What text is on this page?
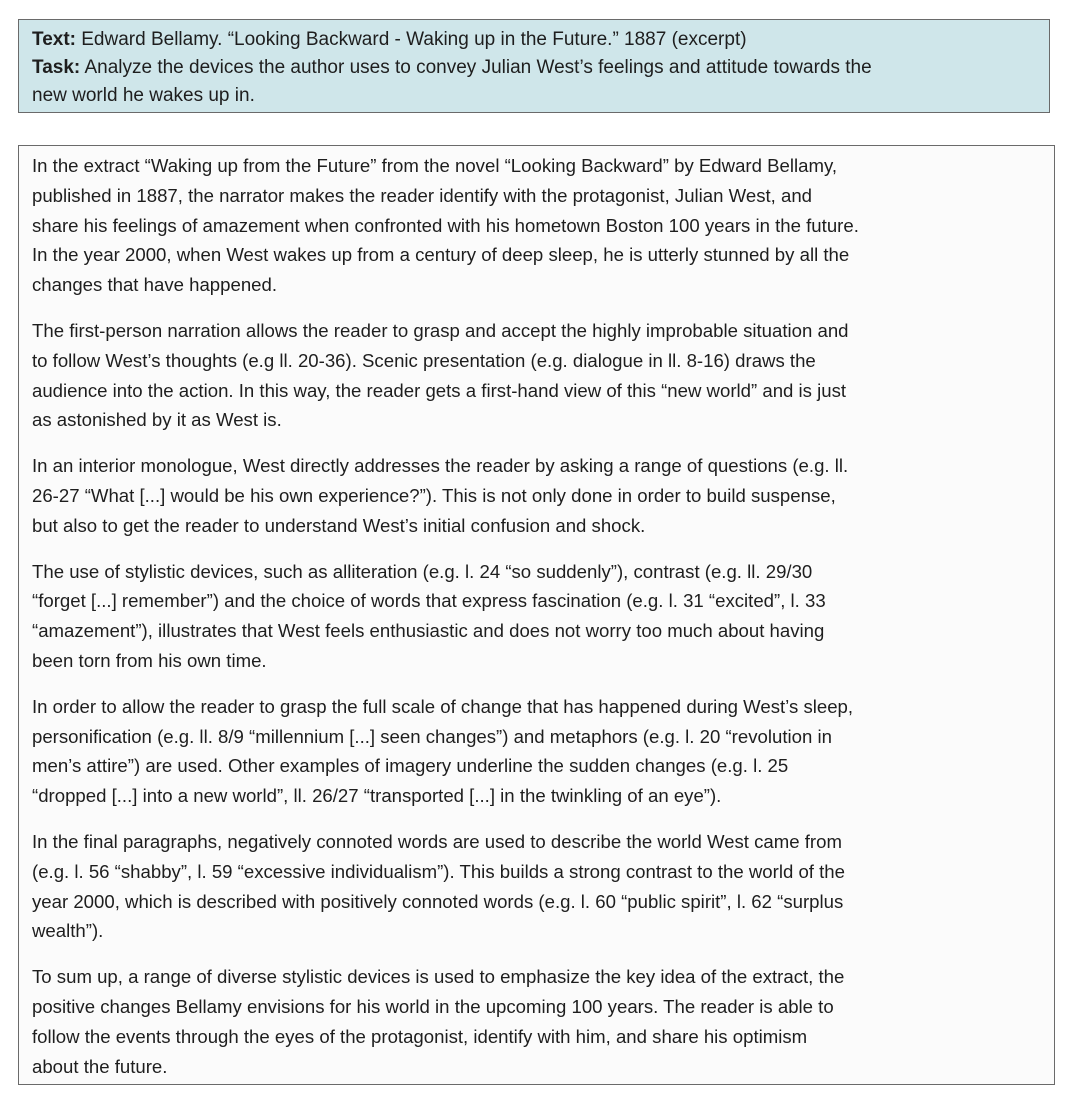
Text: Edward Bellamy. “Looking Backward - Waking up in the Future.” 1887 (excerpt)
Task: Analyze the devices the author uses to convey Julian West’s feelings and attitude towards the
new world he wakes up in.
In the extract “Waking up from the Future” from the novel “Looking Backward” by Edward Bellamy,
published in 1887, the narrator makes the reader identify with the protagonist, Julian West, and
share his feelings of amazement when confronted with his hometown Boston 100 years in the future.
In the year 2000, when West wakes up from a century of deep sleep, he is utterly stunned by all the
changes that have happened.
The first-person narration allows the reader to grasp and accept the highly improbable situation and
to follow West’s thoughts (e.g ll. 20-36). Scenic presentation (e.g. dialogue in ll. 8-16) draws the
audience into the action. In this way, the reader gets a first-hand view of this “new world” and is just
as astonished by it as West is.
In an interior monologue, West directly addresses the reader by asking a range of questions (e.g. ll.
26-27 “What [...] would be his own experience?”). This is not only done in order to build suspense,
but also to get the reader to understand West’s initial confusion and shock.
The use of stylistic devices, such as alliteration (e.g. l. 24 “so suddenly”), contrast (e.g. ll. 29/30
“forget [...] remember”) and the choice of words that express fascination (e.g. l. 31 “excited”, l. 33
“amazement”), illustrates that West feels enthusiastic and does not worry too much about having
been torn from his own time.
In order to allow the reader to grasp the full scale of change that has happened during West’s sleep,
personification (e.g. ll. 8/9 “millennium [...] seen changes”) and metaphors (e.g. l. 20 “revolution in
men’s attire”) are used. Other examples of imagery underline the sudden changes (e.g. l. 25
“dropped [...] into a new world”, ll. 26/27 “transported [...] in the twinkling of an eye”).
In the final paragraphs, negatively connoted words are used to describe the world West came from
(e.g. l. 56 “shabby”, l. 59 “excessive individualism”). This builds a strong contrast to the world of the
year 2000, which is described with positively connoted words (e.g. l. 60 “public spirit”, l. 62 “surplus
wealth”).
To sum up, a range of diverse stylistic devices is used to emphasize the key idea of the extract, the
positive changes Bellamy envisions for his world in the upcoming 100 years. The reader is able to
follow the events through the eyes of the protagonist, identify with him, and share his optimism
about the future.
